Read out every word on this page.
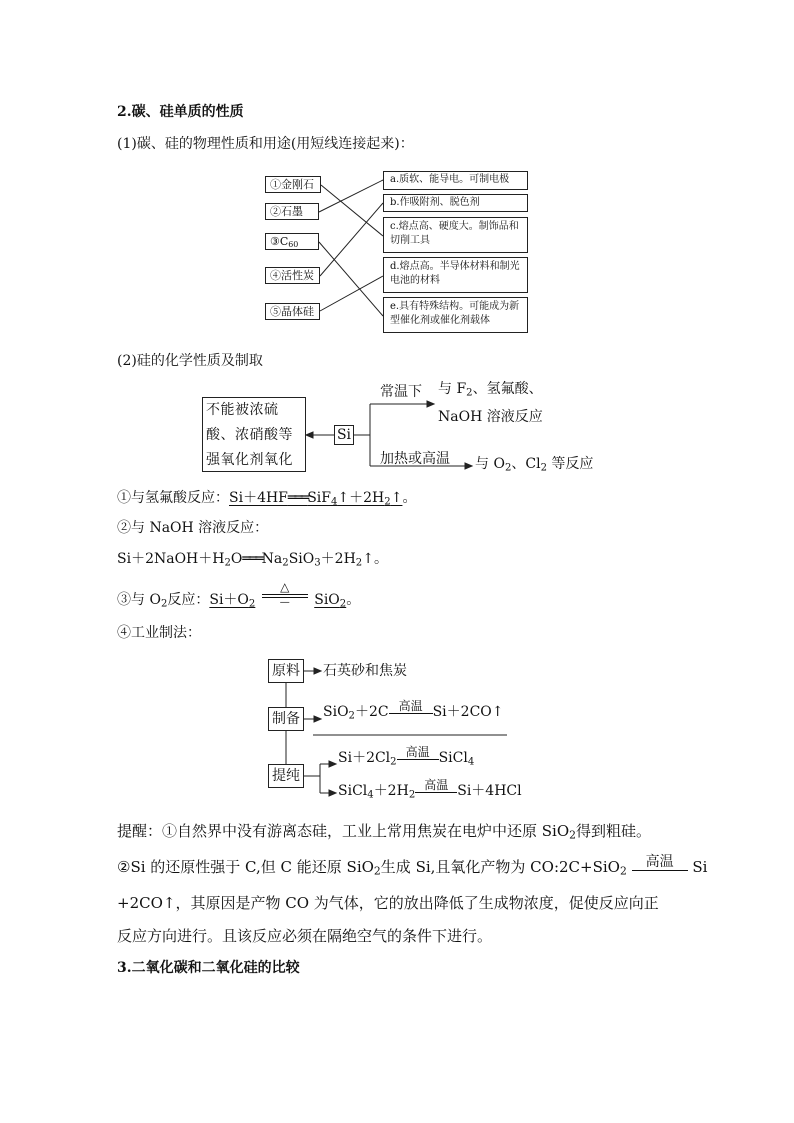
2.碳、硅单质的性质
(1)碳、硅的物理性质和用途(用短线连接起来)：
①金刚石
②石墨
$③C_{60}$
④活性炭
⑤晶体硅
a.质软、能导电。可制电极
b.作吸附剂、脱色剂
c.熔点高、硬度大。制饰品和切削工具
d.熔点高。半导体材料和制光电池的材料
e.具有特殊结构。可能成为新型催化剂或催化剂载体
(2)硅的化学性质及制取
不能被浓硫酸、浓硝酸等强氧化剂氧化
Si
常温下 与 $F_2$、氢氟酸、
NaOH 溶液反应
加热或高温 与 $O_2$、$Cl_2$ 等反应
①与氢氟酸反应：$Si+4HF═══SiF_4↑+2H_2↑$。
②与 NaOH 溶液反应：
$Si+2NaOH+H_2O═══Na_2SiO_3+2H_2↑$。
③与 $O_2$反应：$Si+O_2$
△
—	SiO$_2$。
④工业制法：
原料 石英砂和焦炭
制备 SiO$_2$＋2C 高温 Si＋2CO↑
提纯
$Si+2Cl_2$
高温 SiCl$_4$
$SiCl_4+2H_2$
高温 Si＋4HCl
提醒：①自然界中没有游离态硅，工业上常用焦炭在电炉中还原 SiO$_2$得到粗硅。
②Si 的还原性强于 C,但 C 能还原 SiO$_2$生成 Si,且氧化产物为 CO:2C+SiO$_2$
高温	Si
+2CO↑，其原因是产物 CO 为气体，它的放出降低了生成物浓度，促使反应向正
反应方向进行。且该反应必须在隔绝空气的条件下进行。
3.二氧化碳和二氧化硅的比较
